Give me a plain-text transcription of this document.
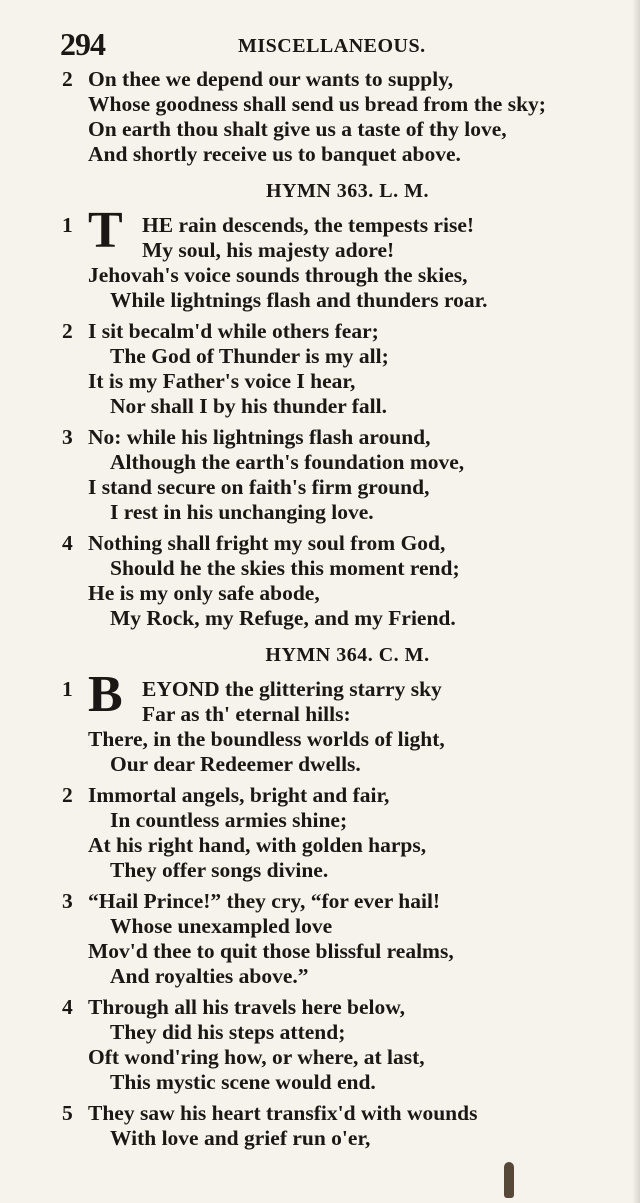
294	MISCELLANEOUS.
2 On thee we depend our wants to supply,
Whose goodness shall send us bread from the sky;
On earth thou shalt give us a taste of thy love,
And shortly receive us to banquet above.
HYMN 363. L. M.
1 T HE rain descends, the tempests rise!
My soul, his majesty adore!
Jehovah's voice sounds through the skies,
While lightnings flash and thunders roar.
2 I sit becalm'd while others fear;
The God of Thunder is my all;
It is my Father's voice I hear,
Nor shall I by his thunder fall.
3 No: while his lightnings flash around,
Although the earth's foundation move,
I stand secure on faith's firm ground,
I rest in his unchanging love.
4 Nothing shall fright my soul from God,
Should he the skies this moment rend;
He is my only safe abode,
My Rock, my Refuge, and my Friend.
HYMN 364. C. M.
1 B EYOND the glittering starry sky
Far as th' eternal hills:
There, in the boundless worlds of light,
Our dear Redeemer dwells.
2 Immortal angels, bright and fair,
In countless armies shine;
At his right hand, with golden harps,
They offer songs divine.
3 “Hail Prince!” they cry, “for ever hail!
Whose unexampled love
Mov'd thee to quit those blissful realms,
And royalties above.”
4 Through all his travels here below,
They did his steps attend;
Oft wond'ring how, or where, at last,
This mystic scene would end.
5 They saw his heart transfix'd with wounds
With love and grief run o'er,
